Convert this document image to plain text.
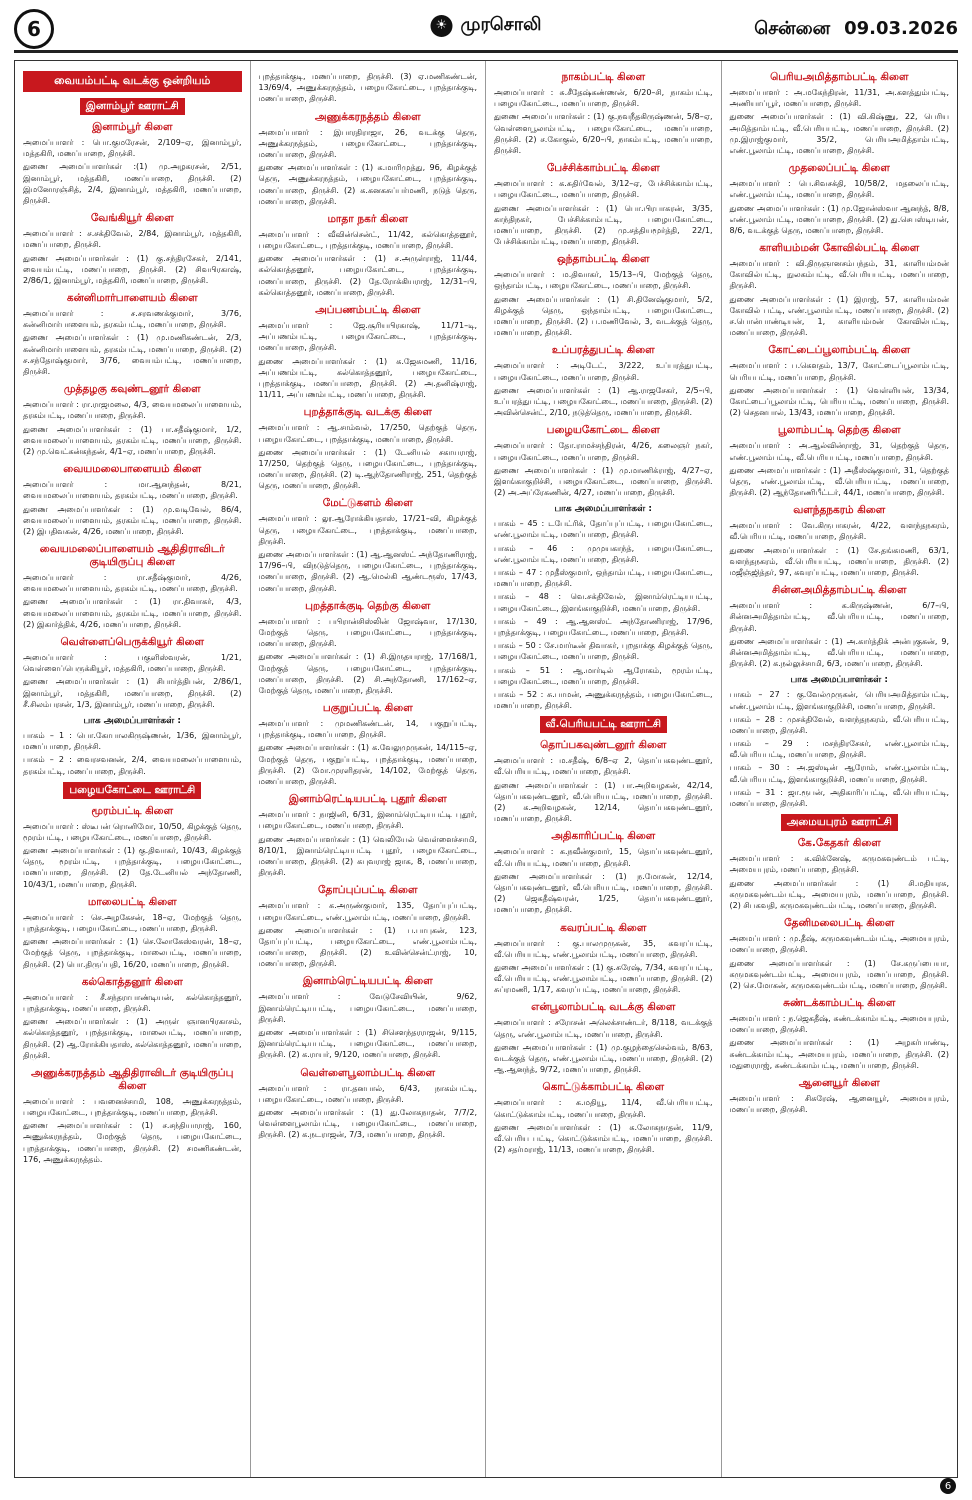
6	☀ முரசொலி	சென்னை 09.03.2026
வையம்பட்டி வடக்கு ஒன்றியம்
இனாம்பூர் ஊராட்சி
இனாம்பூர் கிளை
அமைப்பாளர் : பொ.குமரேசன், 2/109–ஏ, இனாம்பூர், மத்தகிரி, மணப்பாறை, திருச்சி.
துணை அமைப்பாளர்கள் :(1) மு.அழகரசன், 2/51, இனாம்பூர், மத்தகிரி, மணப்பாறை, திருச்சி. (2) இமனோரஞ்சித், 2/4, இனாம்பூர், மத்தகிரி, மணப்பாறை, திருச்சி.
வேங்கியூர் கிளை
அமைப்பாளர் : ச.சக்திவேல், 2/84, இனாம்பூர், மத்தகிரி, மணப்பாறை, திருச்சி.
துணை அமைப்பாளர்கள் : (1) கு.சந்திரசேகர், 2/141, வையம்பட்டி, மணப்பாறை, திருச்சி. (2) சிவபிரகாஷ், 2/86/1, இனாம்பூர், மத்தகிரி, மணப்பாறை, திருச்சி.
கன்னிமார்பாளையம் கிளை
அமைப்பாளர் : ச.சரவணக்குமார், 3/76, கன்னிமார்பாளையம், தரகம்பட்டி, மணப்பாறை, திருச்சி.
துணை அமைப்பாளர்கள் : (1) மு.மணிகண்டன், 2/3, கன்னிமார்பாளையம், தரகம்பட்டி, மணப்பாறை, திருச்சி. (2) ச.சந்தோஷ்குமார், 3/76, வையம்பட்டி, மணப்பாறை, திருச்சி.
முத்தழகு கவுண்டனூர் கிளை
அமைப்பாளர் : ரா.ராஜமலை, 4/3, வையமலைப்பாளையம், தரகம்பட்டி, மணப்பாறை, திருச்சி.
துணை அமைப்பாளர்கள் : (1) பா.சதீஷ்குமார், 1/2, வையமலைப்பாளையம், தரகம்பட்டி, மணப்பாறை, திருச்சி. (2) மு.வெட்கன்கந்தன், 4/1–ஏ, மணப்பாறை, திருச்சி.
வையமலைபாளையம் கிளை
அமைப்பாளர் : மா.ஆனந்தன், 8/21, வையமலைப்பாளையம், தரகம்பட்டி, மணப்பாறை, திருச்சி.
துணை அமைப்பாளர்கள் : (1) மு.வடிவேல், 86/4, வையமலைப்பாளையம், தரகம்பட்டி, மணப்பாறை, திருச்சி. (2) இபதிவகன், 4/26, மணப்பாறை, திருச்சி.
வையமலைப்பாளையம் ஆதிதிராவிடர் குடியிருப்பு கிளை
அமைப்பாளர் : ரா.சதீஷ்குமார், 4/26, வையமலைப்பாளையம், தரகம்பட்டி, மணப்பாறை, திருச்சி.
துணை அமைப்பாளர்கள் : (1) ரா.திவாகர், 4/3, வையமலைப்பாளையம், தரகம்பட்டி, மணப்பாறை, திருச்சி. (2) இகார்த்திக், 4/26, மணப்பாறை, திருச்சி.
வெள்ளைப்பெருக்கியூர் கிளை
அமைப்பாளர் : பகுளிஸ்வரன், 1/21, வெள்ளைப்பெருக்கியூர், மத்தகிரி, மணப்பாறை, திருச்சி.
துணை அமைப்பாளர்கள் : (1) சிபார்த்திபன், 2/86/1, இனாம்பூர், மத்தகிரி, மணப்பாறை, திருச்சி. (2) சீ.சிலம்பரசன், 1/3, இனாம்பூர், மணப்பாறை, திருச்சி.
பாக அமைப்பாளர்கள் :
பாகம் – 1 : பொ.கோபாலகிருஷ்ணன், 1/36, இனாம்பூர், மணப்பாறை, திருச்சி.
பாகம் – 2 : வைரசவனன், 2/4, வையமலைப்பாளையம், தரகம்பட்டி, மணப்பாறை, திருச்சி.
பழையகோட்டை ஊராட்சி
மூரம்பட்டி கிளை
அமைப்பாளர் : ஸ்டீபன் ரொனிமோ, 10/50, கிழக்குத் தெரு, மூரம்பட்டி, பழையகோட்டை, மணப்பாறை, திருச்சி.
துணை அமைப்பாளர்கள் : (1) கு.திவாகர், 10/43, கிழக்குத் தெரு, மூரம்பட்டி, புறத்தாக்குடி, பழையகோட்டை, மணப்பாறை, திருச்சி. (2) தே.டேனியல் அந்தோணி, 10/43/1, மணப்பாறை, திருச்சி.
மாலைபட்டி கிளை
அமைப்பாளர் : செ.அழகேசன், 18–ஏ, மேற்குத் தெரு, புறத்தாக்குடி, பழையகோட்டை, மணப்பாறை, திருச்சி.
துணை அமைப்பாளர்கள் : (1) செ.லோகேஸ்வரன், 18–ஏ, மேற்குத் தெரு, புறத்தாக்குடி, மாலைபட்டி, மணப்பாறை, திருச்சி. (2) பொ.திருப்பதி, 16/20, மணப்பாறை, திருச்சி.
கல்கொத்தனூர் கிளை
அமைப்பாளர் : சீ.சந்தராபாண்டியன், கல்கொத்தனூர், புறத்தாக்குடி, மணப்பாறை, திருச்சி.
துணை அமைப்பாளர்கள் : (1) அருள் ஞானபிரகாசம், கல்கொத்தனூர், புறத்தாக்குடி, மாலைபட்டி, மணப்பாறை, திருச்சி. (2) ஆ.ரோக்கியதாஸ், கல்கொத்தனூர், மணப்பாறை, திருச்சி.
அணுக்கரநத்தம் ஆதிதிராவிடர் குடியிருப்பு கிளை
அமைப்பாளர் : பவனைச்சாமி, 108, அணுக்கரநத்தம், பழையகோட்டை, புறத்தாக்குடி, மணப்பாறை, திருச்சி.
துணை அமைப்பாளர்கள் : (1) ச.சந்தியாராஜ், 160, அணுக்கரநத்தம், மேற்குத் தெரு, பழையகோட்டை, புறத்தாக்குடி, மணப்பாறை, திருச்சி. (2) சமணிகண்டன், 176, அணுக்கரநத்தம்.
புறத்தாக்குடி, மணப்பாறை, திருச்சி. (3) ஏ.மணிகண்டன், 13/69/4, அணுக்கரநத்தம், பழையகோட்டை, புறத்தாக்குடி, மணப்பாறை, திருச்சி.
அணுக்கரநத்தம் கிளை
அமைப்பாளர் : இபாரதிராஜா, 26, வடக்கு தெரு, அணுக்கரநத்தம், பழையகோட்டை, புறத்தாக்குடி, மணப்பாறை, திருச்சி.
துணை அமைப்பாளர்கள் : (1) க.மாரிமுத்து, 96, கிழக்குத் தெரு, அணுக்கரநத்தம், பழையகோட்டை, புறத்தாக்குடி, மணப்பாறை, திருச்சி. (2) க.கனகசுப்பர்மணி, நடுத் தெரு, மணப்பாறை, திருச்சி.
மாதா நகர் கிளை
அமைப்பாளர் : வீவின்சென்ட், 11/42, கல்கொத்தனூர், பழையகோட்டை, புறத்தாக்குடி, மணப்பாறை, திருச்சி.
துணை அமைப்பாளர்கள் : (1) ச.அருள்ராஜ், 11/44, கல்கொத்தனூர், பழையகோட்டை, புறத்தாக்குடி, மணப்பாறை, திருச்சி. (2) தே.ரோக்கியராஜ், 12/31–பி, கல்கொத்தனூர், மணப்பாறை, திருச்சி.
அப்பணம்பட்டி கிளை
அமைப்பாளர் : ஜே.சூரியபிரகாஷ், 11/71–டி, அப்பணம்பட்டி, பழையகோட்டை, புறத்தாக்குடி, மணப்பாறை, திருச்சி.
துணை அமைப்பாளர்கள் : (1) க.ஜேசுமணி, 11/16, அப்பணம்பட்டி, கல்கொத்தனூர், பழையகோட்டை, புறத்தாக்குடி, மணப்பாறை, திருச்சி. (2) அ.தனிஷ்ராஜ், 11/11, அப்பணம்பட்டி, மணப்பாறை, திருச்சி.
புறத்தாக்குடி வடக்கு கிளை
அமைப்பாளர் : ஆ.சாம்வல், 17/250, தெற்குத் தெரு, பழையகோட்டை, புறத்தாக்குடி, மணப்பாறை, திருச்சி.
துணை அமைப்பாளர்கள் : (1) டேனியல் சகாயராஜ், 17/250, தெற்குத் தெரு, பழையகோட்டை, புறத்தாக்குடி, மணப்பாறை, திருச்சி. (2) டி.ஆந்தோணிராஜ், 251, தெற்குத் தெரு, மணப்பாறை, திருச்சி.
மேட்டுகளம் கிளை
அமைப்பாளர் : லூ.ஆரோக்கியதாஸ், 17/21–வி, கிழக்குத் தெரு, பழையகோட்டை, புறத்தாக்குடி, மணப்பாறை, திருச்சி.
துணை அமைப்பாளர்கள் : (1) ஆ.ஆனஸ்ட் அந்தோணிராஜ், 17/96–பி, விநடுத்தெரு, பழையகோட்டை, புறத்தாக்குடி, மணப்பாறை, திருச்சி. (2) ஆ.மெல்கி ஆண்டரூஸ், 17/43, மணப்பாறை, திருச்சி.
புறத்தாக்குடி தெற்கு கிளை
அமைப்பாளர் : பபிரான்சிஸ்லின் ஜோஷ்வா, 17/130, மேற்குத் தெரு, பழையகோட்டை, புறத்தாக்குடி, மணப்பாறை, திருச்சி.
துணை அமைப்பாளர்கள் : (1) சி.இருதயராஜ், 17/168/1, மேற்குத் தெரு, பழையகோட்டை, புறத்தாக்குடி, மணப்பாறை, திருச்சி. (2) சி.அந்தோணி, 17/162–ஏ, மேற்குத் தெரு, மணப்பாறை, திருச்சி.
பகுறுப்பட்டி கிளை
அமைப்பாளர் : முமணிகண்டன், 14, பகுறுப்பட்டி, புறத்தாக்குடி, மணப்பாறை, திருச்சி.
துணை அமைப்பாளர்கள் : (1) க.வேலுமுருகன், 14/115–ஏ, மேற்குத் தெரு, பகுறுப்பட்டி, புறத்தாக்குடி, மணப்பாறை, திருச்சி. (2) மோ.முரளிதரன், 14/102, மேற்குத் தெரு, மணப்பாறை, திருச்சி.
இனாம்ரெட்டியபட்டி புதூர் கிளை
அமைப்பாளர் : நாஜினி, 6/31, இனாம்ரெட்டியபட்டி புதூர், பழையகோட்டை, மணப்பாறை, திருச்சி.
துணை அமைப்பாளர்கள் : (1) வெலியேல் வெள்ளைச்சாமி, 8/10/1, இனாம்ரெட்டியபட்டி புதூர், பழையகோட்டை, மணப்பாறை, திருச்சி. (2) கபுவராஜ் ஜாக, 8, மணப்பாறை, திருச்சி.
தோப்புப்பட்டி கிளை
அமைப்பாளர் : க.அருண்குமார், 135, தோப்புப்பட்டி, பழையகோட்டை, எண்.பூலாம்பட்டி, மணப்பாறை, திருச்சி.
துணை அமைப்பாளர்கள் : (1) ப.பாபுகன், 123, தோப்புப்பட்டி, பழையகோட்டை, எண்.பூலாம்பட்டி, மணப்பாறை, திருச்சி. (2) உவின்சென்ட்ராஜ், 10, மணப்பாறை, திருச்சி.
இனாம்ரெட்டியபட்டி கிளை
அமைப்பாளர் : வேடுசேவியின், 9/62, இனாம்ரெட்டியபட்டி, பழையகோட்டை, மணப்பாறை, திருச்சி.
துணை அமைப்பாளர்கள் : (1) சிசௌந்தரராஜன், 9/115, இனாம்ரெட்டியபட்டி, பழையகோட்டை, மணப்பாறை, திருச்சி. (2) க.ராயர், 9/120, மணப்பாறை, திருச்சி.
வெள்ளைபூலாம்பட்டி கிளை
அமைப்பாளர் : ரா.தனபால், 6/43, நாகம்பட்டி, பழையகோட்டை, மணப்பாறை, திருச்சி.
துணை அமைப்பாளர்கள் : (1) து.லோகநாதன், 7/7/2, வெள்ளைபூலாம்பட்டி, பழையகோட்டை, மணப்பாறை, திருச்சி. (2) க.நடராஜன், 7/3, மணப்பாறை, திருச்சி.
நாகம்பட்டி கிளை
அமைப்பாளர் : சு.சீதேஷ்கண்ணன், 6/20–சி, நாகம்பட்டி, பழையகோட்டை, மணப்பாறை, திருச்சி.
துணை அமைப்பாளர்கள் : (1) கு.நவநீதகிருஷ்ணன், 5/8–ஏ, வெள்ளைபூலாம்பட்டி, பழையகோட்டை, மணப்பாறை, திருச்சி. (2) ச.கோகுல், 6/20–பி, நாகம்பட்டி, மணப்பாறை, திருச்சி.
பேச்சிக்காம்பட்டி கிளை
அமைப்பாளர் : க.சுதிர்வேல், 3/12–ஏ, பேச்சிக்காம்பட்டி, பழையகோட்டை, மணப்பாறை, திருச்சி.
துணை அமைப்பாளர்கள் : (1) பொ.பிரபாகரன், 3/35, காந்திநகர், பேச்சிக்காம்பட்டி, பழையகோட்டை, மணப்பாறை, திருச்சி. (2) மு.சத்தியமூர்த்தி, 22/1, பேச்சிக்காம்பட்டி, மணப்பாறை, திருச்சி.
ஒந்தாம்பட்டி கிளை
அமைப்பாளர் : ம.திவாகர், 15/13–பி, மேற்குத் தெரு, ஒந்தாம்பட்டி, பழையகோட்டை, மணப்பாறை, திருச்சி.
துணை அமைப்பாளர்கள் : (1) சி.தினேஷ்குமார், 5/2, கிழக்குத் தெரு, ஒந்தாம்பட்டி, பழையகோட்டை, மணப்பாறை, திருச்சி. (2) ப.மணிவேல், 3, வடக்குத் தெரு, மணப்பாறை, திருச்சி.
உப்பரத்துபட்டி கிளை
அமைப்பாளர் : அடிடேட், 3/222, உப்பரத்துபட்டி, பழையகோட்டை, மணப்பாறை, திருச்சி.
துணை அமைப்பாளர்கள் : (1) ஆ.ராஜசேகர், 2/5–பி, உப்பரத்துபட்டி, பழையகோட்டை, மணப்பாறை, திருச்சி. (2) அவின்சென்ட், 2/10, நடுத்தெரு, மணப்பாறை, திருச்சி.
பழையகோட்டை கிளை
அமைப்பாளர் : தோ.ராமச்சந்திரன், 4/26, கலைஞர் நகர், பழையகோட்டை, மணப்பாறை, திருச்சி.
துணை அமைப்பாளர்கள் : (1) மு.மாணிக்ராஜ், 4/27–ஏ, இளங்காகுறிச்சி, பழையகோட்டை, மணப்பாறை, திருச்சி. (2) அ.அப்ரேகணின், 4/27, மணப்பாறை, திருச்சி.
பாக அமைப்பாளர்கள் :
பாகம் – 45 : டபேட்ரிக், தோப்புப்பட்டி, பழையகோட்டை, எண்.பூலாம்பட்டி, மணப்பாறை, திருச்சி.
பாகம் – 46 : முமுயகாந்த், பழையகோட்டை, எண்.பூலாம்பட்டி, மணப்பாறை, திருச்சி.
பாகம் – 47 : முதீஸ்குமார், ஒந்தாம்பட்டி, பழையகோட்டை, மணப்பாறை, திருச்சி.
பாகம் – 48 : வெ.சக்திவேல், இனாம்ரெட்டியபட்டி, பழையகோட்டை, இளங்காகுறிச்சி, மணப்பாறை, திருச்சி.
பாகம் – 49 : ஆ.ஆனஸ்ட் அந்தோணிராஜ், 17/96, புறத்தாக்குடி, பழையகோட்டை, மணப்பாறை, திருச்சி.
பாகம் – 50 : சே.மார்டீன் திவாகர், புறதாக்கு கிழக்குத் தெரு, பழையகோட்டை, மணப்பாறை, திருச்சி.
பாகம் – 51 : ஆ.மார்டில் ஆரோகம், மூரம்பட்டி, பழையகோட்டை, மணப்பாறை, திருச்சி.
பாகம் – 52 : சு.பாமன், அணுக்கரநத்தம், பழையகோட்டை, மணப்பாறை, திருச்சி.
வீ.பெரியபட்டி ஊராட்சி
தொப்பகவுண்டனூர் கிளை
அமைப்பாளர் : ம.சதீஷ், 6/8–ஏ 2, தொப்பகவுண்டனூர், வீ.பெரியபட்டி, மணப்பாறை, திருச்சி.
துணை அமைப்பாளர்கள் : (1) பா.அறிவழகன், 42/14, தொப்பகவுண்டனூர், வீ.பெரியபட்டி, மணப்பாறை, திருச்சி. (2) க.அறிவழகன், 12/14, தொப்பகவுண்டனூர், மணப்பாறை, திருச்சி.
அதிகாரிப்பட்டி கிளை
அமைப்பாளர் : க.நவீன்குமார், 15, தொப்பகவுண்டனூர், வீ.பெரியபட்டி, மணப்பாறை, திருச்சி.
துணை அமைப்பாளர்கள் : (1) ந.மோகன், 12/14, தொப்பகவுண்டனூர், வீ.பெரியபட்டி, மணப்பாறை, திருச்சி. (2) ஜெகதீஷ்வரன், 1/25, தொப்பகவுண்டனூர், மணப்பாறை, திருச்சி.
கவரப்பட்டி கிளை
அமைப்பாளர் : கு.பாலமுருகன், 35, கவரப்பட்டி, வீ.பெரியபட்டி, எண்.பூலாம்பட்டி, மணப்பாறை, திருச்சி.
துணை அமைப்பாளர்கள் : (1) கு.சுரேஷ், 7/34, கவரப்பட்டி, வீ.பெரியபட்டி, எண்.பூலாம்பட்டி, மணப்பாறை, திருச்சி. (2) சுப்ரமணி, 1/17, கவரப்பட்டி, மணப்பாறை, திருச்சி.
என்பூலாம்பட்டி வடக்கு கிளை
அமைப்பாளர் : சரோசன் அலெக்சாண்டர், 8/118, வடக்குத் தெரு, எண்.பூலாம்பட்டி, மணப்பாறை, திருச்சி.
துணை அமைப்பாளர்கள் : (1) மு.குழந்தைசெல்வம், 8/63, வடக்குத் தெரு, எண்.பூலாம்பட்டி, மணப்பாறை, திருச்சி. (2) ஆ.ஆனந்த், 9/72, மணப்பாறை, திருச்சி.
கொட்டுக்காம்பட்டி கிளை
அமைப்பாளர் : க.மதியூ, 11/4, வீ.பெரியபட்டி, கொட்டுக்காம்பட்டி, மணப்பாறை, திருச்சி.
துணை அமைப்பாளர்கள் : (1) க.லோகநாதன், 11/9, வீ.பெரிய பட்டி, கொட்டுக்காம்பட்டி, மணப்பாறை, திருச்சி. (2) சதர்மராஜ், 11/13, மணப்பாறை, திருச்சி.
பெரியஅமித்தாம்பட்டி கிளை
அமைப்பாளர் : அ.மகேந்திரன், 11/31, அ.களத்தும்பட்டி, அணியாப்பூர், மணப்பாறை, திருச்சி.
துணை அமைப்பாளர்கள் : (1) வி.கிஷ்ணு, 22, பெரிய அமித்தாம்பட்டி, வீ.பெரியபட்டி, மணப்பாறை, திருச்சி. (2) மு.இராஜ்குமார், 35/2, பெரியஅமித்தாம்பட்டி, எண்.பூலாம்பட்டி, மணப்பாறை, திருச்சி.
முதலைப்பட்டி கிளை
அமைப்பாளர் : பெ.சிவசக்தி, 10/58/2, மதலைப்பட்டி, எண்.பூலாம்பட்டி, மணப்பாறை, திருச்சி.
துணை அமைப்பாளர்கள் : (1) மு.ஜோன்ஸ்வா ஆனந்த், 8/8, எண்.பூலாம்பட்டி, மணப்பாறை, திருச்சி. (2) து.செபஸ்டியன், 8/6, வடக்குத் தெரு, மணப்பாறை, திருச்சி.
காளியம்மன் கோவில்பட்டி கிளை
அமைப்பாளர் : வி.திருஞானசம்பந்தம், 31, காளியம்மன் கோவில்பட்டி, நுலகம்பட்டி, வீ.பெரியபட்டி, மணப்பாறை, திருச்சி.
துணை அமைப்பாளர்கள் : (1) இராஜ், 57, காளியம்மன் கோவில் பட்டி, எண்.பூலாம்பட்டி, மணப்பாறை, திருச்சி. (2) ச.பொன்பாண்டியன், 1, காளியம்மன் கோவில்பட்டி, மணப்பாறை, திருச்சி.
கோட்டைப்பூலாம்பட்டி கிளை
அமைப்பாளர் : ப.கௌதம், 13/7, கோட்டைப்பூலாம்பட்டி, பெரியபட்டி, மணப்பாறை, திருச்சி.
துணை அமைப்பாளர்கள் : (1) வெள்ளியன், 13/34, கோட்டைப்பூலாம்பட்டி, பெரியபட்டி, மணப்பாறை, திருச்சி. (2) செதனபால், 13/43, மணப்பாறை, திருச்சி.
பூலாம்பட்டி தெற்கு கிளை
அமைப்பாளர் : அ.ஆல்வின்ராஜ், 31, தெற்குத் தெரு, எண்.பூலாம்பட்டி, வீ.பெரியபட்டி, மணப்பாறை, திருச்சி.
துணை அமைப்பாளர்கள் : (1) அதீஸ்ஷ்குமார், 31, தெற்குத் தெரு, எண்.பூலாம்பட்டி, வீ.பெரியபட்டி, மணப்பாறை, திருச்சி. (2) ஆந்தோணிபீட்டர், 44/1, மணப்பாறை, திருச்சி.
வளந்தநகரம் கிளை
அமைப்பாளர் : வே.கிருபாகரன், 4/22, வளந்தநகரம், வீ.பெரியபட்டி, மணப்பாறை, திருச்சி.
துணை அமைப்பாளர்கள் : (1) சே.தங்கமணி, 63/1, வளந்தநகரம், வீ.பெரியபட்டி, மணப்பாறை, திருச்சி. (2) மஜீஞ்ஜித்தர், 97, கவரப்பட்டி, மணப்பாறை, திருச்சி.
சின்னஅமித்தாம்பட்டி கிளை
அமைப்பாளர் : க.கிருஷ்ணன், 6/7–பி, சின்னஅமித்தாம்பட்டி, வீ.பெரியபட்டி, மணப்பாறை, திருச்சி.
துணை அமைப்பாளர்கள் : (1) அ.கார்த்திக் அன்புகுகன், 9, சின்னஅமித்தாம்பட்டி, வீ.பெரியபட்டி, மணப்பாறை, திருச்சி. (2) க.நல்லுச்சாமி, 6/3, மணப்பாறை, திருச்சி.
பாக அமைப்பாளர்கள் :
பாகம் – 27 : கு.வேல்முருகன், பெரியஅமித்தாம்பட்டி, எண்.பூலாம்பட்டி, இளங்காகுறிச்சி, மணப்பாறை, திருச்சி.
பாகம் – 28 : முசக்திவேல், வளந்தநகரம், வீ.பெரியபட்டி, மணப்பாறை, திருச்சி.
பாகம் – 29 : மசந்திரசேகர், எண்.பூலாம்பட்டி, வீ.பெரியபட்டி, மணப்பாறை, திருச்சி.
பாகம் – 30 : அ.ஜஸ்டின் ஆரோம், எண்.பூலாம்பட்டி, வீ.பெரியபட்டி, இளங்காகுறிச்சி, மணப்பாறை, திருச்சி.
பாகம் – 31 : ஜா.ரூபன், அதிகாரிப்பட்டி, வீ.பெரியபட்டி, மணப்பாறை, திருச்சி.
அமையபுரம் ஊராட்சி
கே.கேதகர் கிளை
அமைப்பாளர் : க.விக்னேஷ், கருமகவுண்டம் பட்டி, அமையபுரம், மணப்பாறை, திருச்சி.
துணை அமைப்பாளர்கள் : (1) சி.மதியரசு, கருமகவுண்டம்பட்டி, அமையபுரம், மணப்பாறை, திருச்சி. (2) சிபகவதி, கருமகவுண்டம்பட்டி, மணப்பாறை, திருச்சி.
தேனிமலைபட்டி கிளை
அமைப்பாளர் : மு.தீஷ், கருமகவுண்டம்பட்டி, அமையபுரம், மணப்பாறை, திருச்சி.
துணை அமைப்பாளர்கள் : (1) சே.கருப்பையா, கருமகவுண்டம்பட்டி, அமையபுரம், மணப்பாறை, திருச்சி. (2) செ.மோகன், கருமகவுண்டம்பட்டி, மணப்பாறை, திருச்சி.
சுண்டக்காம்பட்டி கிளை
அமைப்பாளர் : ந.ஜெகதீஷ், சுண்டக்காம்பட்டி, அமையபுரம், மணப்பாறை, திருச்சி.
துணை அமைப்பாளர்கள் : (1) அழகர்பாண்டி, சுண்டக்காம்பட்டி, அமையபுரம், மணப்பாறை, திருச்சி. (2) மதுரைராஜ், சுண்டக்காம்பட்டி, மணப்பாறை, திருச்சி.
ஆனையூர் கிளை
அமைப்பாளர் : சிசுரேஷ், ஆனையூர், அமையபுரம், மணப்பாறை, திருச்சி.
6
